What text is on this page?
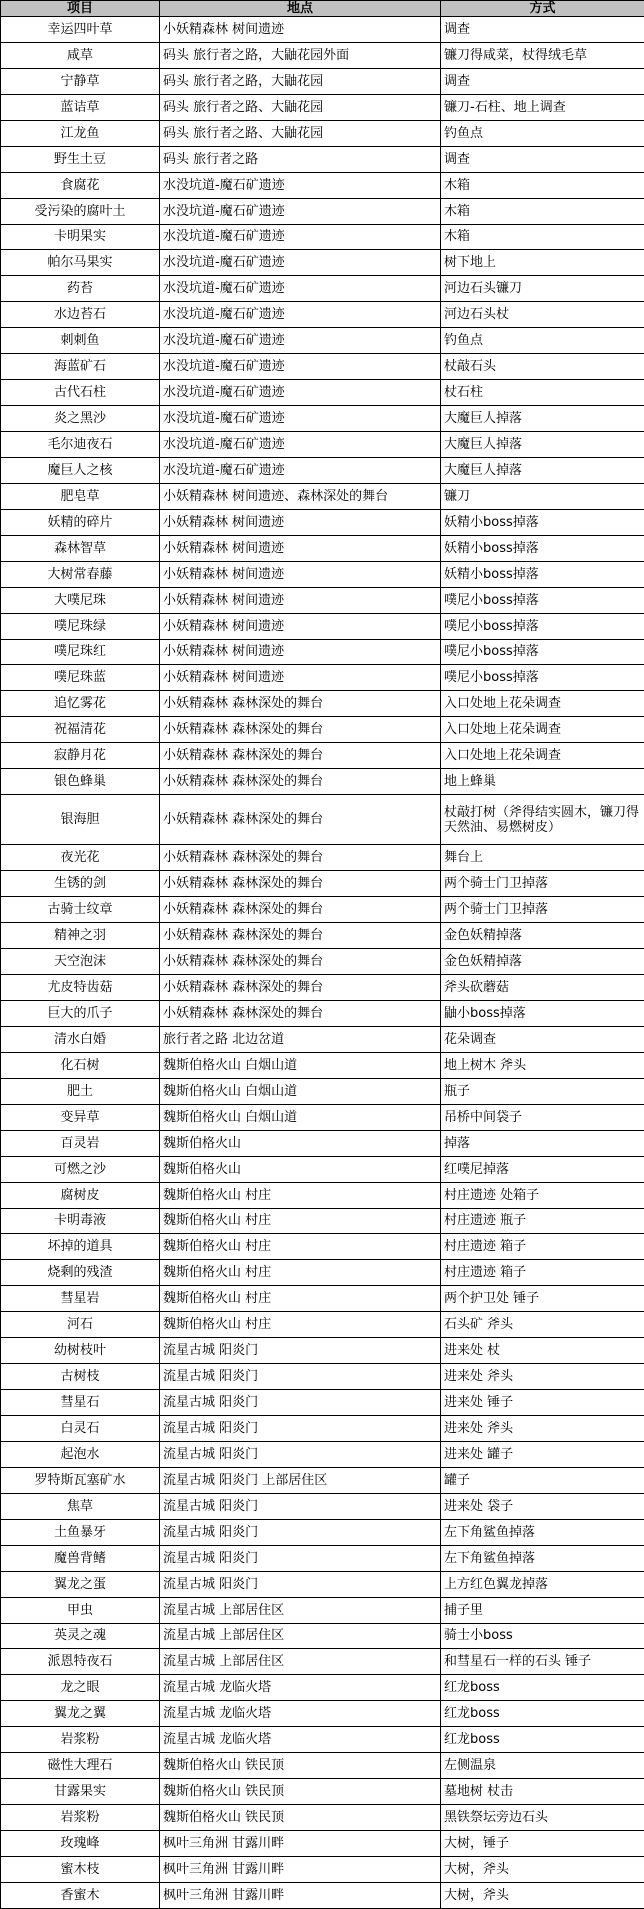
项目	地点	方式
幸运四叶草	小妖精森林 树间遗迹	调查
咸草	码头 旅行者之路，大鼬花园外面	镰刀得咸菜，杖得绒毛草
宁静草	码头 旅行者之路，大鼬花园	调查
蓝诘草	码头 旅行者之路、大鼬花园	镰刀-石柱、地上调查
江龙鱼	码头 旅行者之路、大鼬花园	钓鱼点
野生土豆	码头 旅行者之路	调查
食腐花	水没坑道-魔石矿遗迹	木箱
受污染的腐叶土	水没坑道-魔石矿遗迹	木箱
卡明果实	水没坑道-魔石矿遗迹	木箱
帕尔马果实	水没坑道-魔石矿遗迹	树下地上
药苔	水没坑道-魔石矿遗迹	河边石头镰刀
水边苔石	水没坑道-魔石矿遗迹	河边石头杖
刺刺鱼	水没坑道-魔石矿遗迹	钓鱼点
海蓝矿石	水没坑道-魔石矿遗迹	杖敲石头
古代石柱	水没坑道-魔石矿遗迹	杖石柱
炎之黑沙	水没坑道-魔石矿遗迹	大魔巨人掉落
毛尔迪夜石	水没坑道-魔石矿遗迹	大魔巨人掉落
魔巨人之核	水没坑道-魔石矿遗迹	大魔巨人掉落
肥皂草	小妖精森林 树间遗迹、森林深处的舞台	镰刀
妖精的碎片	小妖精森林 树间遗迹	妖精小boss掉落
森林智草	小妖精森林 树间遗迹	妖精小boss掉落
大树常春藤	小妖精森林 树间遗迹	妖精小boss掉落
大噗尼珠	小妖精森林 树间遗迹	噗尼小boss掉落
噗尼珠绿	小妖精森林 树间遗迹	噗尼小boss掉落
噗尼珠红	小妖精森林 树间遗迹	噗尼小boss掉落
噗尼珠蓝	小妖精森林 树间遗迹	噗尼小boss掉落
追忆雾花	小妖精森林 森林深处的舞台	入口处地上花朵调查
祝福清花	小妖精森林 森林深处的舞台	入口处地上花朵调查
寂静月花	小妖精森林 森林深处的舞台	入口处地上花朵调查
银色蜂巢	小妖精森林 森林深处的舞台	地上蜂巢
银海胆	小妖精森林 森林深处的舞台	杖敲打树（斧得结实圆木，镰刀得天然油、易燃树皮）
夜光花	小妖精森林 森林深处的舞台	舞台上
生锈的剑	小妖精森林 森林深处的舞台	两个骑士门卫掉落
古骑士纹章	小妖精森林 森林深处的舞台	两个骑士门卫掉落
精神之羽	小妖精森林 森林深处的舞台	金色妖精掉落
天空泡沫	小妖精森林 森林深处的舞台	金色妖精掉落
尤皮特齿菇	小妖精森林 森林深处的舞台	斧头砍蘑菇
巨大的爪子	小妖精森林 森林深处的舞台	鼬小boss掉落
清水白婚	旅行者之路 北边岔道	花朵调查
化石树	魏斯伯格火山 白烟山道	地上树木 斧头
肥土	魏斯伯格火山 白烟山道	瓶子
变异草	魏斯伯格火山 白烟山道	吊桥中间袋子
百灵岩	魏斯伯格火山	掉落
可燃之沙	魏斯伯格火山	红噗尼掉落
腐树皮	魏斯伯格火山 村庄	村庄遗迹 处箱子
卡明毒液	魏斯伯格火山 村庄	村庄遗迹 瓶子
坏掉的道具	魏斯伯格火山 村庄	村庄遗迹 箱子
烧剩的残渣	魏斯伯格火山 村庄	村庄遗迹 箱子
彗星岩	魏斯伯格火山 村庄	两个护卫处 锤子
河石	魏斯伯格火山 村庄	石头矿 斧头
幼树枝叶	流星古城 阳炎门	进来处 杖
古树枝	流星古城 阳炎门	进来处 斧头
彗星石	流星古城 阳炎门	进来处 锤子
白灵石	流星古城 阳炎门	进来处 斧头
起泡水	流星古城 阳炎门	进来处 罐子
罗特斯瓦塞矿水	流星古城 阳炎门 上部居住区	罐子
焦草	流星古城 阳炎门	进来处 袋子
土鱼暴牙	流星古城 阳炎门	左下角鲨鱼掉落
魔兽背鳍	流星古城 阳炎门	左下角鲨鱼掉落
翼龙之蛋	流星古城 阳炎门	上方红色翼龙掉落
甲虫	流星古城 上部居住区	捕子里
英灵之魂	流星古城 上部居住区	骑士小boss
派恩特夜石	流星古城 上部居住区	和彗星石一样的石头 锤子
龙之眼	流星古城 龙临火塔	红龙boss
翼龙之翼	流星古城 龙临火塔	红龙boss
岩浆粉	流星古城 龙临火塔	红龙boss
磁性大理石	魏斯伯格火山 铁民顶	左侧温泉
甘露果实	魏斯伯格火山 铁民顶	墓地树 杖击
岩浆粉	魏斯伯格火山 铁民顶	黑铁祭坛旁边石头
玫瑰峰	枫叶三角洲 甘露川畔	大树，锤子
蜜木枝	枫叶三角洲 甘露川畔	大树，斧头
香蜜木	枫叶三角洲 甘露川畔	大树，斧头
